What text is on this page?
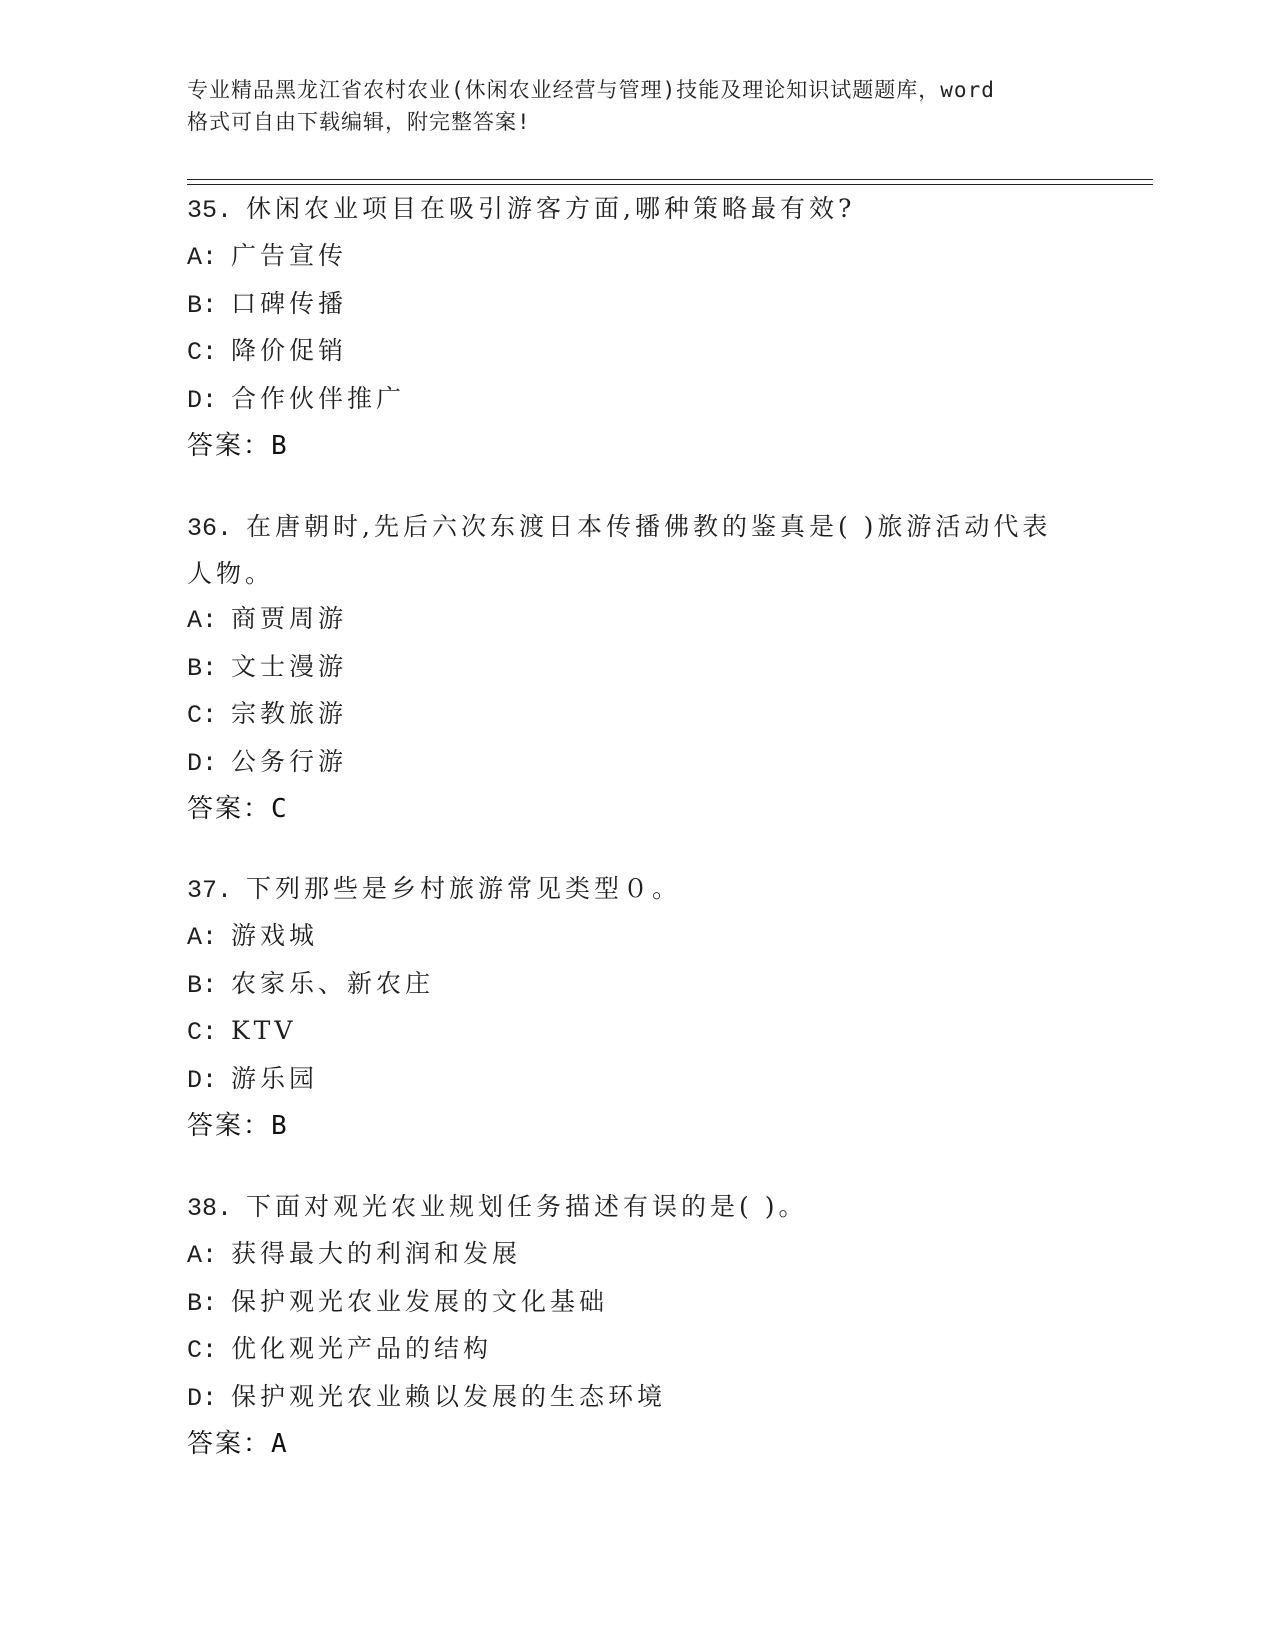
专业精品黑龙江省农村农业(休闲农业经营与管理)技能及理论知识试题题库，word
格式可自由下载编辑，附完整答案!
35. 休闲农业项目在吸引游客方面,哪种策略最有效?
A: 广告宣传
B: 口碑传播
C: 降价促销
D: 合作伙伴推广
答案：B
36. 在唐朝时,先后六次东渡日本传播佛教的鉴真是( )旅游活动代表人物。
A: 商贾周游
B: 文士漫游
C: 宗教旅游
D: 公务行游
答案：C
37. 下列那些是乡村旅游常见类型０。
A: 游戏城
B: 农家乐、新农庄
C: KTV
D: 游乐园
答案：B
38. 下面对观光农业规划任务描述有误的是( )。
A: 获得最大的利润和发展
B: 保护观光农业发展的文化基础
C: 优化观光产品的结构
D: 保护观光农业赖以发展的生态环境
答案：A
